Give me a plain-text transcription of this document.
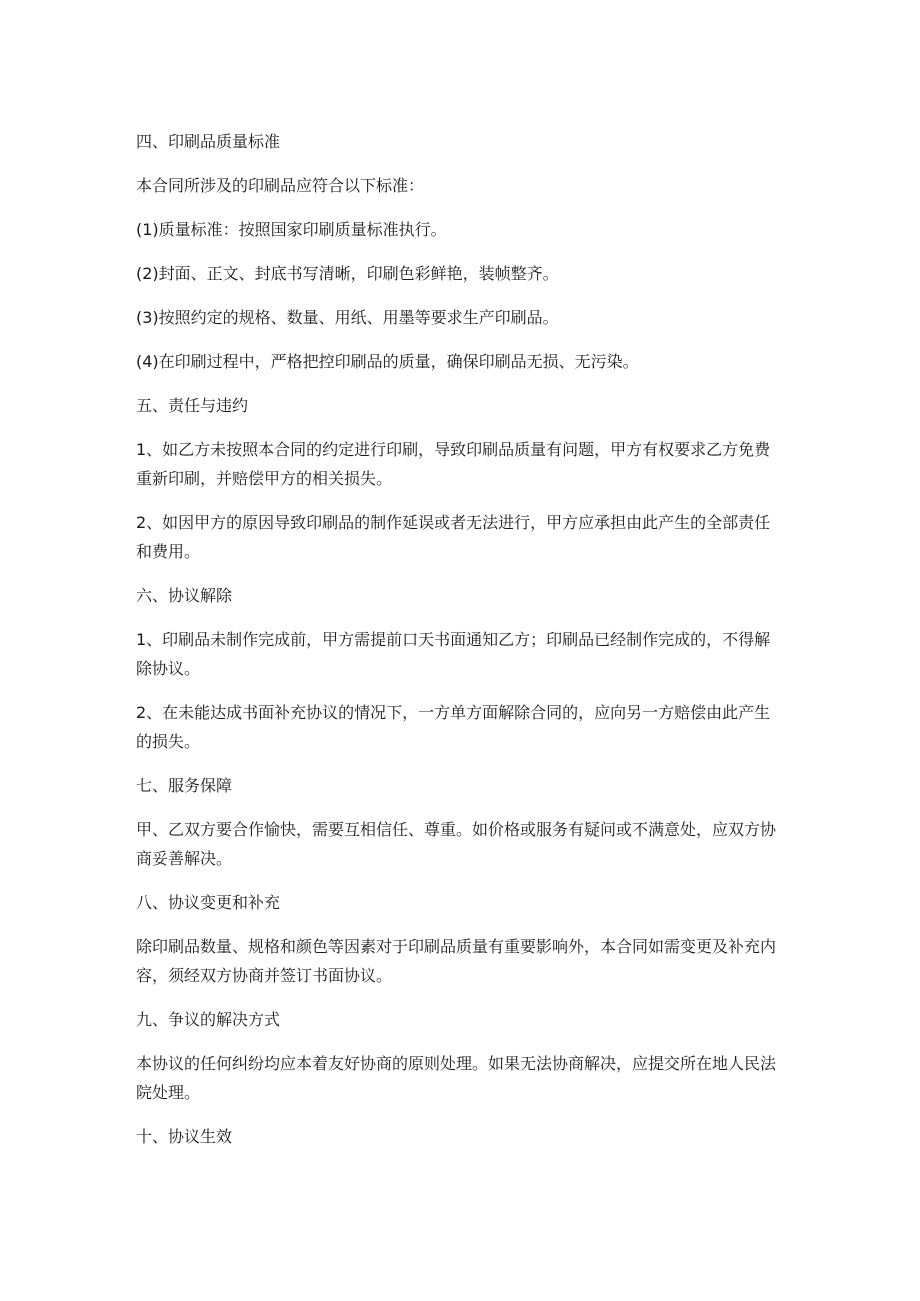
四、印刷品质量标准

本合同所涉及的印刷品应符合以下标准：

(1)质量标准：按照国家印刷质量标准执行。

(2)封面、正文、封底书写清晰，印刷色彩鲜艳，装帧整齐。

(3)按照约定的规格、数量、用纸、用墨等要求生产印刷品。

(4)在印刷过程中，严格把控印刷品的质量，确保印刷品无损、无污染。

五、责任与违约

1、如乙方未按照本合同的约定进行印刷，导致印刷品质量有问题，甲方有权要求乙方免费重新印刷，并赔偿甲方的相关损失。

2、如因甲方的原因导致印刷品的制作延误或者无法进行，甲方应承担由此产生的全部责任和费用。

六、协议解除

1、印刷品未制作完成前，甲方需提前口天书面通知乙方；印刷品已经制作完成的，不得解除协议。

2、在未能达成书面补充协议的情况下，一方单方面解除合同的，应向另一方赔偿由此产生的损失。

七、服务保障

甲、乙双方要合作愉快，需要互相信任、尊重。如价格或服务有疑问或不满意处，应双方协商妥善解决。

八、协议变更和补充

除印刷品数量、规格和颜色等因素对于印刷品质量有重要影响外，本合同如需变更及补充内容，须经双方协商并签订书面协议。

九、争议的解决方式

本协议的任何纠纷均应本着友好协商的原则处理。如果无法协商解决，应提交所在地人民法院处理。

十、协议生效
